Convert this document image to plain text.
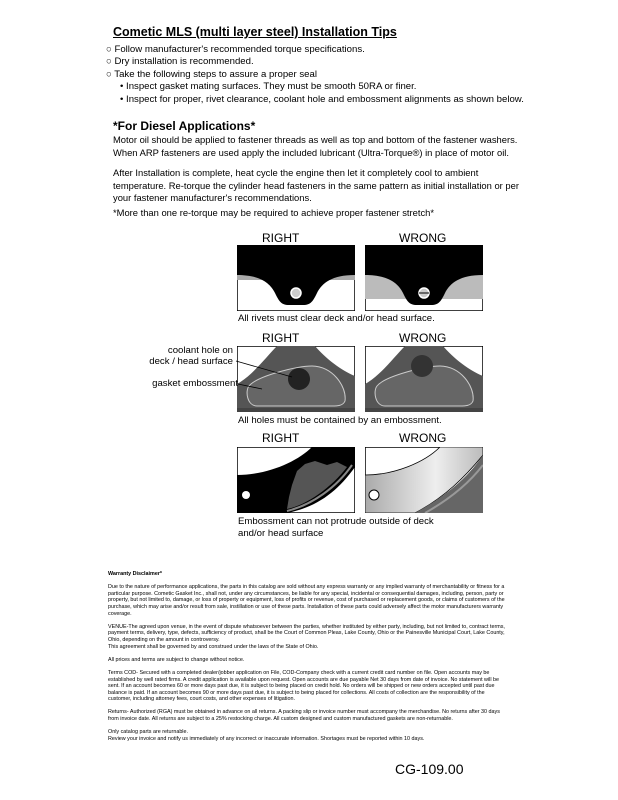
Cometic MLS (multi layer steel) Installation Tips
○ Follow manufacturer's recommended torque specifications.
○ Dry installation is recommended.
○ Take the following steps to assure a proper seal
• Inspect gasket mating surfaces. They must be smooth 50RA or finer.
• Inspect for proper, rivet clearance, coolant hole and embossment alignments as shown below.
*For Diesel Applications*
Motor oil should be applied to fastener threads as well as top and bottom of the fastener washers. When ARP fasteners are used apply the included lubricant (Ultra-Torque®) in place of motor oil.
After Installation is complete, heat cycle the engine then let it completely cool to ambient temperature. Re-torque the cylinder head fasteners in the same pattern as initial installation or per your fastener manufacturer's recommendations.
*More than one re-torque may be required to achieve proper fastener stretch*
RIGHT	WRONG
All rivets must clear deck and/or head surface.
RIGHT	WRONG
coolant hole on
deck / head surface
gasket embossment
All holes must be contained by an embossment.
RIGHT	WRONG
Embossment can not protrude outside of deck
and/or head surface

Warranty Disclaimer*

Due to the nature of performance applications, the parts in this catalog are sold without any express warranty or any implied warranty of merchantability or fitness for a particular purpose. Cometic Gasket Inc., shall not, under any circumstances, be liable for any special, incidental or consequential damages, including, person, party or property, but not limited to, damage, or loss of property or equipment, loss of profits or revenue, cost of purchased or replacement goods, or claims of customers of the purchase, which may arise and/or result from sale, instillation or use of these parts. Installation of these parts could adversely affect the motor manufacturers warranty coverage.

VENUE-The agreed upon venue, in the event of dispute whatsoever between the parties, whether instituted by either party, including, but not limited to, contract terms, payment terms, delivery, type, defects, sufficiency of product, shall be the Court of Common Pleas, Lake County, Ohio or the Painesville Municipal Court, Lake County, Ohio, depending on the amount in controversy.

This agreement shall be governed by and construed under the laws of the State of Ohio.

All prices and terms are subject to change without notice.

Terms COD- Secured with a completed dealer/jobber application on File, COD-Company check with a current credit card number on file. Open accounts may be established by well rated firms. A credit application is available upon request. Open accounts are due payable Net 30 days from date of invoice. No statement will be sent. If an account becomes 60 or more days past due, it is subject to being placed on credit hold. No orders will be shipped or new orders accepted until past due balance is paid. If an account becomes 90 or more days past due, it is subject to being placed for collections. All costs of collection are the responsibility of the customer, including attorney fees, court costs, and other expenses of litigation.

Returns- Authorized (RGA) must be obtained in advance on all returns. A packing slip or invoice number must accompany the merchandise. No returns after 30 days from invoice date. All returns are subject to a 25% restocking charge. All custom designed and custom manufactured gaskets are non-returnable.

Only catalog parts are returnable.

Review your invoice and notify us immediately of any incorrect or inaccurate information. Shortages must be reported within 10 days.

CG-109.00
